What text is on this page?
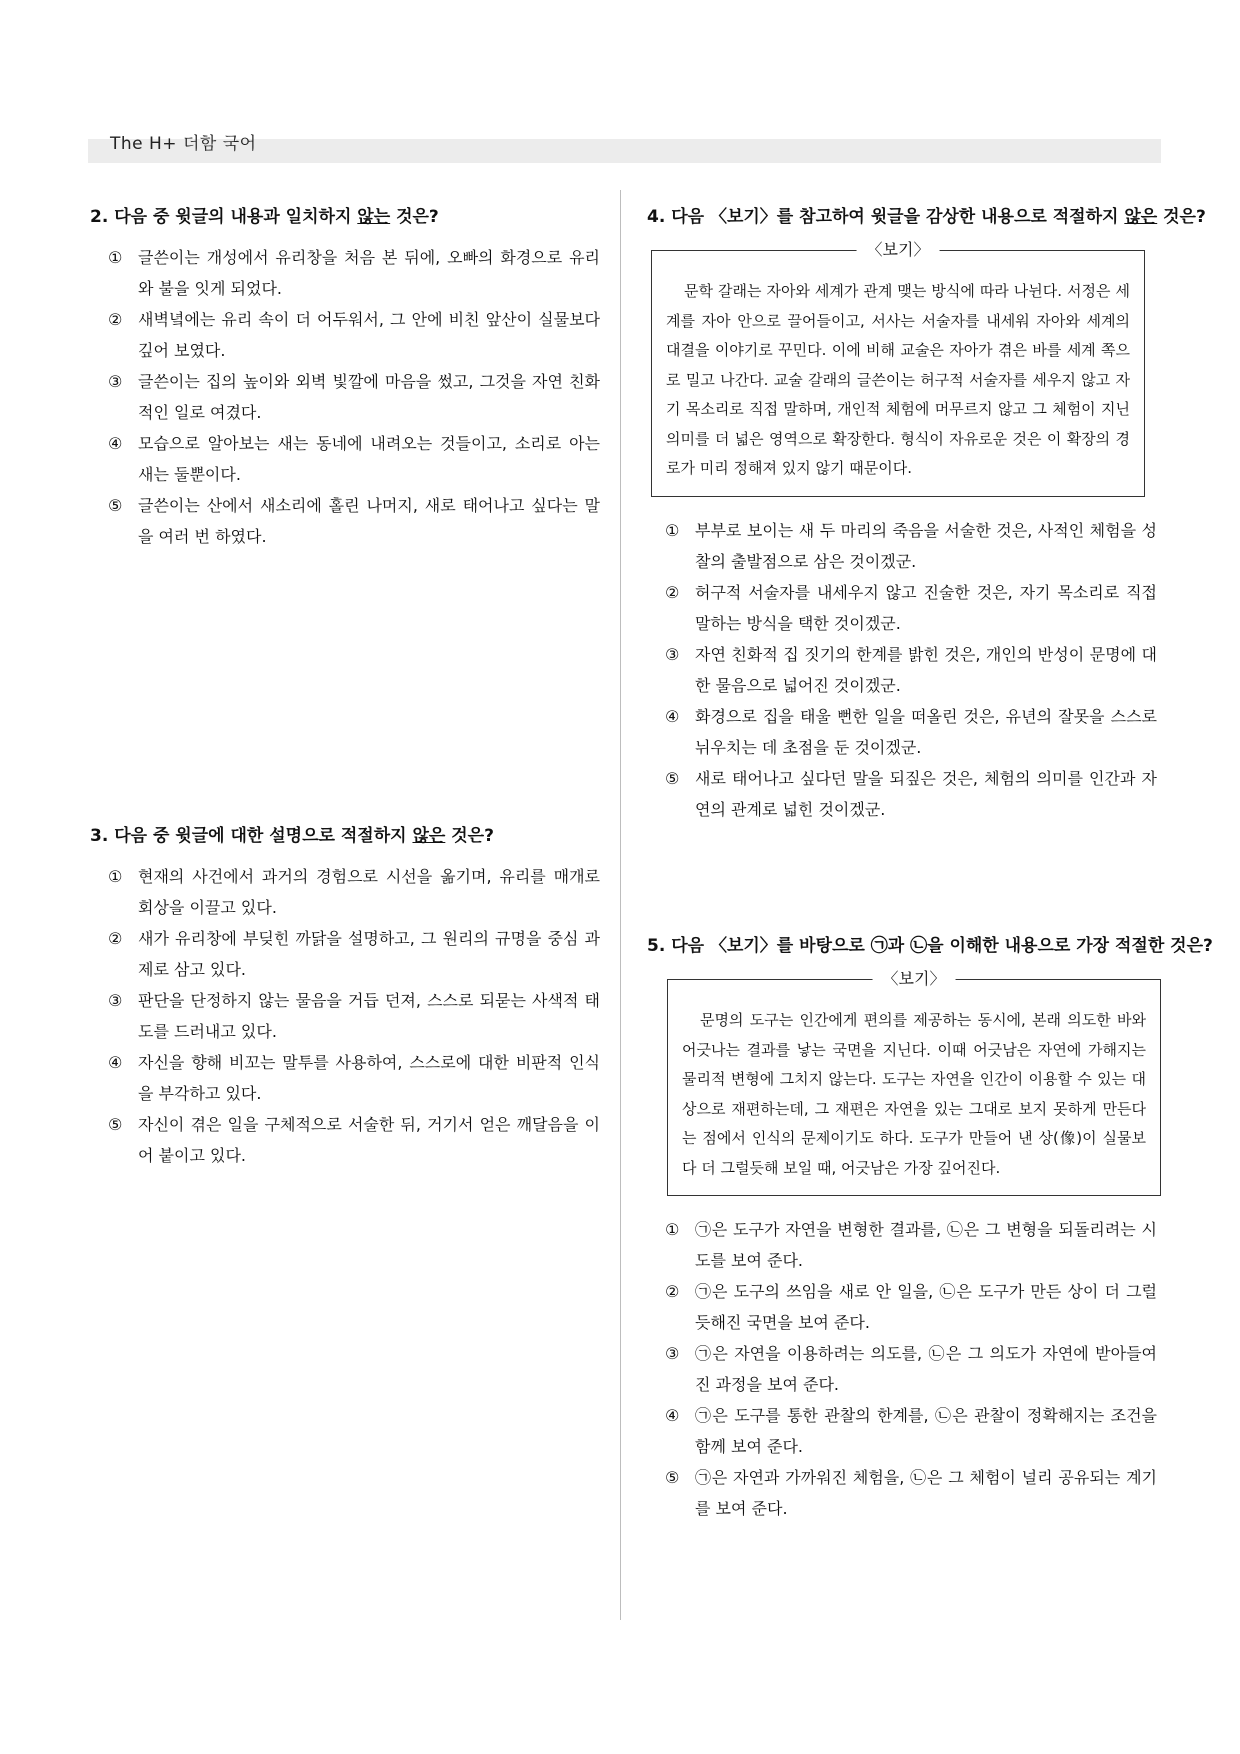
The H+ 더함 국어
2. 다음 중 윗글의 내용과 일치하지 않는 것은?
① 글쓴이는 개성에서 유리창을 처음 본 뒤에, 오빠의 화경으로 유리와 불을 잇게 되었다.
② 새벽녘에는 유리 속이 더 어두워서, 그 안에 비친 앞산이 실물보다 깊어 보였다.
③ 글쓴이는 집의 높이와 외벽 빛깔에 마음을 썼고, 그것을 자연 친화적인 일로 여겼다.
④ 모습으로 알아보는 새는 동네에 내려오는 것들이고, 소리로 아는 새는 둘뿐이다.
⑤ 글쓴이는 산에서 새소리에 홀린 나머지, 새로 태어나고 싶다는 말을 여러 번 하였다.
3. 다음 중 윗글에 대한 설명으로 적절하지 않은 것은?
① 현재의 사건에서 과거의 경험으로 시선을 옮기며, 유리를 매개로 회상을 이끌고 있다.
② 새가 유리창에 부딪힌 까닭을 설명하고, 그 원리의 규명을 중심 과제로 삼고 있다.
③ 판단을 단정하지 않는 물음을 거듭 던져, 스스로 되묻는 사색적 태도를 드러내고 있다.
④ 자신을 향해 비꼬는 말투를 사용하여, 스스로에 대한 비판적 인식을 부각하고 있다.
⑤ 자신이 겪은 일을 구체적으로 서술한 뒤, 거기서 얻은 깨달음을 이어 붙이고 있다.
4. 다음 〈보기〉를 참고하여 윗글을 감상한 내용으로 적절하지 않은 것은?
〈보기〉

문학 갈래는 자아와 세계가 관계 맺는 방식에 따라 나뉜다. 서정은 세계를 자아 안으로 끌어들이고, 서사는 서술자를 내세워 자아와 세계의 대결을 이야기로 꾸민다. 이에 비해 교술은 자아가 겪은 바를 세계 쪽으로 밀고 나간다. 교술 갈래의 글쓴이는 허구적 서술자를 세우지 않고 자기 목소리로 직접 말하며, 개인적 체험에 머무르지 않고 그 체험이 지닌 의미를 더 넓은 영역으로 확장한다. 형식이 자유로운 것은 이 확장의 경로가 미리 정해져 있지 않기 때문이다.

① 부부로 보이는 새 두 마리의 죽음을 서술한 것은, 사적인 체험을 성찰의 출발점으로 삼은 것이겠군.
② 허구적 서술자를 내세우지 않고 진술한 것은, 자기 목소리로 직접 말하는 방식을 택한 것이겠군.
③ 자연 친화적 집 짓기의 한계를 밝힌 것은, 개인의 반성이 문명에 대한 물음으로 넓어진 것이겠군.
④ 화경으로 집을 태울 뻔한 일을 떠올린 것은, 유년의 잘못을 스스로 뉘우치는 데 초점을 둔 것이겠군.
⑤ 새로 태어나고 싶다던 말을 되짚은 것은, 체험의 의미를 인간과 자연의 관계로 넓힌 것이겠군.
5. 다음 〈보기〉를 바탕으로 ㉠과 ㉡을 이해한 내용으로 가장 적절한 것은?
〈보기〉

문명의 도구는 인간에게 편의를 제공하는 동시에, 본래 의도한 바와 어긋나는 결과를 낳는 국면을 지닌다. 이때 어긋남은 자연에 가해지는 물리적 변형에 그치지 않는다. 도구는 자연을 인간이 이용할 수 있는 대상으로 재편하는데, 그 재편은 자연을 있는 그대로 보지 못하게 만든다는 점에서 인식의 문제이기도 하다. 도구가 만들어 낸 상(像)이 실물보다 더 그럴듯해 보일 때, 어긋남은 가장 깊어진다.

① ㉠은 도구가 자연을 변형한 결과를, ㉡은 그 변형을 되돌리려는 시도를 보여 준다.
② ㉠은 도구의 쓰임을 새로 안 일을, ㉡은 도구가 만든 상이 더 그럴듯해진 국면을 보여 준다.
③ ㉠은 자연을 이용하려는 의도를, ㉡은 그 의도가 자연에 받아들여진 과정을 보여 준다.
④ ㉠은 도구를 통한 관찰의 한계를, ㉡은 관찰이 정확해지는 조건을 함께 보여 준다.
⑤ ㉠은 자연과 가까워진 체험을, ㉡은 그 체험이 널리 공유되는 계기를 보여 준다.
